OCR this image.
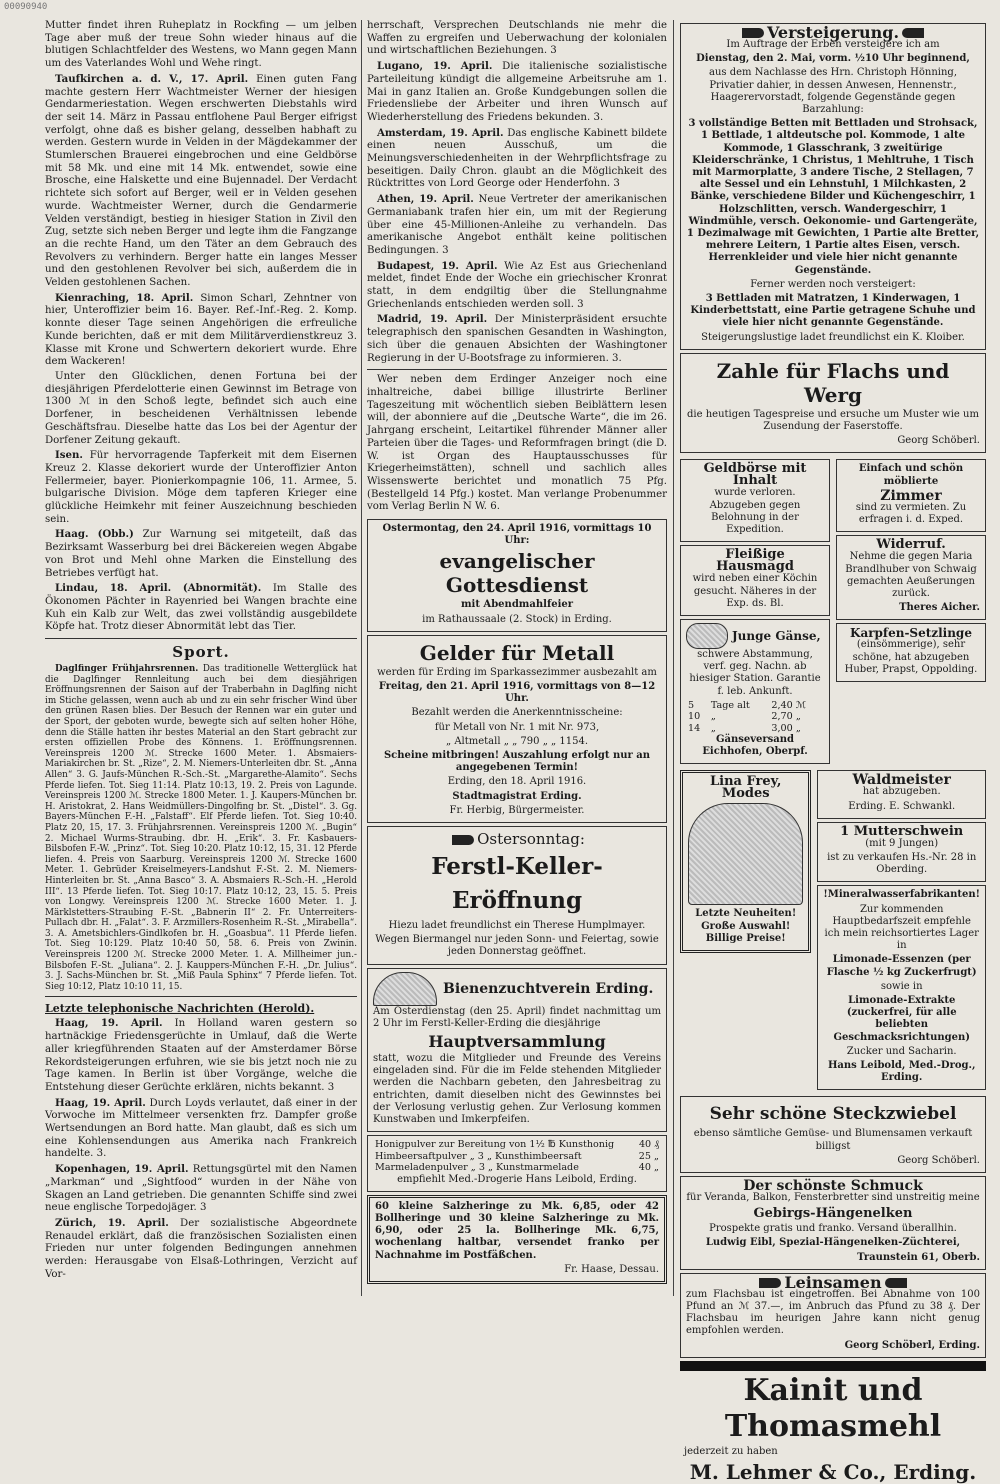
00090940

Mutter findet ihren Ruheplatz in Rockfing — um jelben Tage aber muß der treue Sohn wieder hinaus auf die blutigen Schlachtfelder des Westens, wo Mann gegen Mann um des Vaterlandes Wohl und Wehe ringt.

Taufkirchen a. d. V., 17. April. Einen guten Fang machte gestern Herr Wachtmeister Werner der hiesigen Gendarmeriestation. Wegen erschwerten Diebstahls wird der seit 14. März in Passau entflohene Paul Berger eifrigst verfolgt, ohne daß es bisher gelang, desselben habhaft zu werden. Gestern wurde in Velden in der Mägdekammer der Stumlerschen Brauerei eingebrochen und eine Geldbörse mit 58 Mk. und eine mit 14 Mk. entwendet, sowie eine Brosche, eine Halskette und eine Bujennadel. Der Verdacht richtete sich sofort auf Berger, weil er in Velden gesehen wurde. Wachtmeister Werner, durch die Gendarmerie Velden verständigt, bestieg in hiesiger Station in Zivil den Zug, setzte sich neben Berger und legte ihm die Fangzange an die rechte Hand, um den Täter an dem Gebrauch des Revolvers zu verhindern. Berger hatte ein langes Messer und den gestohlenen Revolver bei sich, außerdem die in Velden gestohlenen Sachen.

Kienraching, 18. April. Simon Scharl, Zehntner von hier, Unteroffizier beim 16. Bayer. Ref.-Inf.-Reg. 2. Komp. konnte dieser Tage seinen Angehörigen die erfreuliche Kunde berichten, daß er mit dem Militärverdienstkreuz 3. Klasse mit Krone und Schwertern dekoriert wurde. Ehre dem Wackeren!

Unter den Glücklichen, denen Fortuna bei der diesjährigen Pferdelotterie einen Gewinnst im Betrage von 1300 ℳ in den Schoß legte, befindet sich auch eine Dorfener, in bescheidenen Verhältnissen lebende Geschäftsfrau. Dieselbe hatte das Los bei der Agentur der Dorfener Zeitung gekauft.

Isen. Für hervorragende Tapferkeit mit dem Eisernen Kreuz 2. Klasse dekoriert wurde der Unteroffizier Anton Fellermeier, bayer. Pionierkompagnie 106, 11. Armee, 5. bulgarische Division. Möge dem tapferen Krieger eine glückliche Heimkehr mit feiner Auszeichnung beschieden sein.

Haag. (Obb.) Zur Warnung sei mitgeteilt, daß das Bezirksamt Wasserburg bei drei Bäckereien wegen Abgabe von Brot und Mehl ohne Marken die Einstellung des Betriebes verfügt hat.

Lindau, 18. April. (Abnormität). Im Stalle des Ökonomen Pächter in Rayenried bei Wangen brachte eine Kuh ein Kalb zur Welt, das zwei vollständig ausgebildete Köpfe hat. Trotz dieser Abnormität lebt das Tier.

Sport.

Daglfinger Frühjahrsrennen. Das traditionelle Wetterglück hat die Daglfinger Rennleitung auch bei dem diesjährigen Eröffnungsrennen der Saison auf der Traberbahn in Daglfing nicht im Stiche gelassen, wenn auch ab und zu ein sehr frischer Wind über den grünen Rasen blies. Der Besuch der Rennen war ein guter und der Sport, der geboten wurde, bewegte sich auf selten hoher Höhe, denn die Ställe hatten ihr bestes Material an den Start gebracht zur ersten offiziellen Probe des Könnens. 1. Eröffnungsrennen. Vereinspreis 1200 ℳ. Strecke 1600 Meter. 1. Absmaiers-Mariakirchen br. St. „Rize“, 2. M. Niemers-Unterleiten dbr. St. „Anna Allen“ 3. G. Jaufs-München R.-Sch.-St. „Margarethe-Alamito“. Sechs Pferde liefen. Tot. Sieg 11:14. Platz 10:13, 19. 2. Preis von Lagunde. Vereinspreis 1200 ℳ. Strecke 1800 Meter. 1. J. Kaupers-München br. H. Aristokrat, 2. Hans Weidmüllers-Dingolfing br. St. „Distel“. 3. Gg. Bayers-München F.-H. „Falstaff“. Elf Pferde liefen. Tot. Sieg 10:40. Platz 20, 15, 17. 3. Frühjahrsrennen. Vereinspreis 1200 ℳ. „Bugin“ 2. Michael Wurms-Straubing. dbr. H. „Erik“. 3. Fr. Kasbauers-Bilsbofen F.-W. „Prinz“. Tot. Sieg 10:20. Platz 10:12, 15, 31. 12 Pferde liefen. 4. Preis von Saarburg. Vereinspreis 1200 ℳ. Strecke 1600 Meter. 1. Gebrüder Kreiselmeyers-Landshut F.-St. 2. M. Niemers-Hinterleiten br. St. „Anna Basco“ 3. A. Absmaiers R.-Sch.-H. „Herold III“. 13 Pferde liefen. Tot. Sieg 10:17. Platz 10:12, 23, 15. 5. Preis von Longwy. Vereinspreis 1200 ℳ. Strecke 1600 Meter. 1. J. Märklstetters-Straubing F.-St. „Babnerin II“ 2. Fr. Unterreiters-Pullach dbr. H. „Falat“. 3. F. Arzmillers-Rosenheim R.-St. „Mirabella“. 3. A. Ametsbichlers-Gindlkofen br. H. „Goasbua“. 11 Pferde liefen. Tot. Sieg 10:129. Platz 10:40 50, 58. 6. Preis von Zwinin. Vereinspreis 1200 ℳ. Strecke 2000 Meter. 1. A. Millheimer jun.-Bilsbofen F.-St. „Juliana“. 2. J. Kauppers-München F.-H. „Dr. Julius“. 3. J. Sachs-München br. St. „Miß Paula Sphinx“ 7 Pferde liefen. Tot. Sieg 10:12, Platz 10:10 11, 15.

Letzte telephonische Nachrichten (Herold).

Haag, 19. April. In Holland waren gestern so hartnäckige Friedensgerüchte in Umlauf, daß die Werte aller kriegführenden Staaten auf der Amsterdamer Börse Rekordsteigerungen erfuhren, wie sie bis jetzt noch nie zu Tage kamen. In Berlin ist über Vorgänge, welche die Entstehung dieser Gerüchte erklären, nichts bekannt. 3

Haag, 19. April. Durch Loyds verlautet, daß einer in der Vorwoche im Mittelmeer versenkten frz. Dampfer große Wertsendungen an Bord hatte. Man glaubt, daß es sich um eine Kohlensendungen aus Amerika nach Frankreich handelte. 3.

Kopenhagen, 19. April. Rettungsgürtel mit den Namen „Markman“ und „Sightfood“ wurden in der Nähe von Skagen an Land getrieben. Die genannten Schiffe sind zwei neue englische Torpedojäger. 3

Zürich, 19. April. Der sozialistische Abgeordnete Renaudel erklärt, daß die französischen Sozialisten einen Frieden nur unter folgenden Bedingungen annehmen werden: Herausgabe von Elsaß-Lothringen, Verzicht auf Vor-

herrschaft, Versprechen Deutschlands nie mehr die Waffen zu ergreifen und Ueberwachung der kolonialen und wirtschaftlichen Beziehungen. 3

Lugano, 19. April. Die italienische sozialistische Parteileitung kündigt die allgemeine Arbeitsruhe am 1. Mai in ganz Italien an. Große Kundgebungen sollen die Friedensliebe der Arbeiter und ihren Wunsch auf Wiederherstellung des Friedens bekunden. 3.

Amsterdam, 19. April. Das englische Kabinett bildete einen neuen Ausschuß, um die Meinungsverschiedenheiten in der Wehrpflichtsfrage zu beseitigen. Daily Chron. glaubt an die Möglichkeit des Rücktrittes von Lord George oder Henderfohn. 3

Athen, 19. April. Neue Vertreter der amerikanischen Germaniabank trafen hier ein, um mit der Regierung über eine 45-Millionen-Anleihe zu verhandeln. Das amerikanische Angebot enthält keine politischen Bedingungen. 3

Budapest, 19. April. Wie Az Est aus Griechenland meldet, findet Ende der Woche ein griechischer Kronrat statt, in dem endgiltig über die Stellungnahme Griechenlands entschieden werden soll. 3

Madrid, 19. April. Der Ministerpräsident ersuchte telegraphisch den spanischen Gesandten in Washington, sich über die genauen Absichten der Washingtoner Regierung in der U-Bootsfrage zu informieren. 3.

Wer neben dem Erdinger Anzeiger noch eine inhaltreiche, dabei billige illustrirte Berliner Tageszeitung mit wöchentlich sieben Beiblättern lesen will, der abonniere auf die „Deutsche Warte“, die im 26. Jahrgang erscheint, Leitartikel führender Männer aller Parteien über die Tages- und Reformfragen bringt (die D. W. ist Organ des Hauptausschusses für Kriegerheimstätten), schnell und sachlich alles Wissenswerte berichtet und monatlich 75 Pfg. (Bestellgeld 14 Pfg.) kostet. Man verlange Probenummer vom Verlag Berlin N W. 6.

Ostermontag, den 24. April 1916, vormittags 10 Uhr:

evangelischer Gottesdienst

mit Abendmahlfeier

im Rathaussaale (2. Stock) in Erding.

Gelder für Metall

werden für Erding im Sparkassezimmer ausbezahlt am

Freitag, den 21. April 1916, vormittags von 8—12 Uhr.

Bezahlt werden die Anerkenntnisscheine:

für Metall von Nr. 1 mit Nr. 973,

„ Altmetall „ „ 790 „ „ 1154.

Scheine mitbringen! Auszahlung erfolgt nur an angegebenen Termin!

Erding, den 18. April 1916.

Stadtmagistrat Erding.

Fr. Herbig, Bürgermeister.

Ostersonntag:

Ferstl-Keller-Eröffnung

Hiezu ladet freundlichst ein Therese Humplmayer.

Wegen Biermangel nur jeden Sonn- und Feiertag, sowie jeden Donnerstag geöffnet.

Bienenzuchtverein Erding.

Am Osterdienstag (den 25. April) findet nachmittag um 2 Uhr im Ferstl-Keller-Erding die diesjährige

Hauptversammlung

statt, wozu die Mitglieder und Freunde des Vereins eingeladen sind. Für die im Felde stehenden Mitglieder werden die Nachbarn gebeten, den Jahresbeitrag zu entrichten, damit dieselben nicht des Gewinnstes bei der Verlosung verlustig gehen. Zur Verlosung kommen Kunstwaben und Imkerpfeifen.

Honigpulver zur Bereitung von 1½ ℔ Kunsthonig	40 ₰
Himbeersaftpulver „ 3 „ Kunsthimbeersaft	25 „
Marmeladenpulver „ 3 „ Kunstmarmelade	40 „

empfiehlt Med.-Drogerie Hans Leibold, Erding.

60 kleine Salzheringe zu Mk. 6,85, oder 42 Bollheringe und 30 kleine Salzheringe zu Mk. 6,90, oder 25 la. Bollheringe Mk. 6,75, wochenlang haltbar, versendet franko per Nachnahme im Postfäßchen.

Fr. Haase, Dessau.

Versteigerung.

Im Auftrage der Erben versteigere ich am

Dienstag, den 2. Mai, vorm. ½10 Uhr beginnend,

aus dem Nachlasse des Hrn. Christoph Hönning, Privatier dahier, in dessen Anwesen, Hennenstr., Haagerervorstadt, folgende Gegenstände gegen Barzahlung:

3 vollständige Betten mit Bettladen und Strohsack, 1 Bettlade, 1 altdeutsche pol. Kommode, 1 alte Kommode, 1 Glasschrank, 3 zweitürige Kleiderschränke, 1 Christus, 1 Mehltruhe, 1 Tisch mit Marmorplatte, 3 andere Tische, 2 Stellagen, 7 alte Sessel und ein Lehnstuhl, 1 Milchkasten, 2 Bänke, verschiedene Bilder und Küchengeschirr, 1 Holzschlitten, versch. Wandergeschirr, 1 Windmühle, versch. Oekonomie- und Gartengeräte, 1 Dezimalwage mit Gewichten, 1 Partie alte Bretter, mehrere Leitern, 1 Partie altes Eisen, versch. Herrenkleider und viele hier nicht genannte Gegenstände.

Ferner werden noch versteigert:

3 Bettladen mit Matratzen, 1 Kinderwagen, 1 Kinderbettstatt, eine Partie getragene Schuhe und viele hier nicht genannte Gegenstände.

Steigerungslustige ladet freundlichst ein K. Kloiber.

Zahle für Flachs und Werg

die heutigen Tagespreise und ersuche um Muster wie um Zusendung der Faserstoffe.

Georg Schöberl.

Geldbörse mit Inhalt

wurde verloren. Abzugeben gegen Belohnung in der Expedition.

Fleißige Hausmagd

wird neben einer Köchin gesucht. Näheres in der Exp. ds. Bl.

Junge Gänse,

schwere Abstammung, verf. geg. Nachn. ab hiesiger Station. Garantie f. leb. Ankunft.

5	Tage alt	2,40 ℳ
10	„	2,70 „
14	„	3,00 „

Gänseversand Eichhofen, Oberpf.

Einfach und schön möblierte

Zimmer

sind zu vermieten. Zu erfragen i. d. Exped.

Widerruf.

Nehme die gegen Maria Brandlhuber von Schwaig gemachten Aeußerungen zurück.

Theres Aicher.

Karpfen-Setzlinge

(einsömmerige), sehr schöne, hat abzugeben Huber, Prapst, Oppolding.

Lina Frey, Modes

Letzte Neuheiten! Große Auswahl! Billige Preise!

Waldmeister

hat abzugeben.

Erding. E. Schwankl.

1 Mutterschwein

(mit 9 Jungen)

ist zu verkaufen Hs.-Nr. 28 in Oberding.

!Mineralwasserfabrikanten!

Zur kommenden Hauptbedarfszeit empfehle ich mein reichsortiertes Lager in

Limonade-Essenzen (per Flasche ½ kg Zuckerfrugt)

sowie in

Limonade-Extrakte (zuckerfrei, für alle beliebten Geschmacksrichtungen)

Zucker und Sacharin.

Hans Leibold, Med.-Drog., Erding.

Sehr schöne Steckzwiebel

ebenso sämtliche Gemüse- und Blumensamen verkauft billigst

Georg Schöberl.

Der schönste Schmuck

für Veranda, Balkon, Fensterbretter sind unstreitig meine

Gebirgs-Hängenelken

Prospekte gratis und franko. Versand überallhin.

Ludwig Eibl, Spezial-Hängenelken-Züchterei,

Traunstein 61, Oberb.

Leinsamen

zum Flachsbau ist eingetroffen. Bei Abnahme von 100 Pfund an ℳ 37.—, im Anbruch das Pfund zu 38 ₰. Der Flachsbau im heurigen Jahre kann nicht genug empfohlen werden.

Georg Schöberl, Erding.

Kainit und
Thomasmehl

jederzeit zu haben

M. Lehmer & Co., Erding.
